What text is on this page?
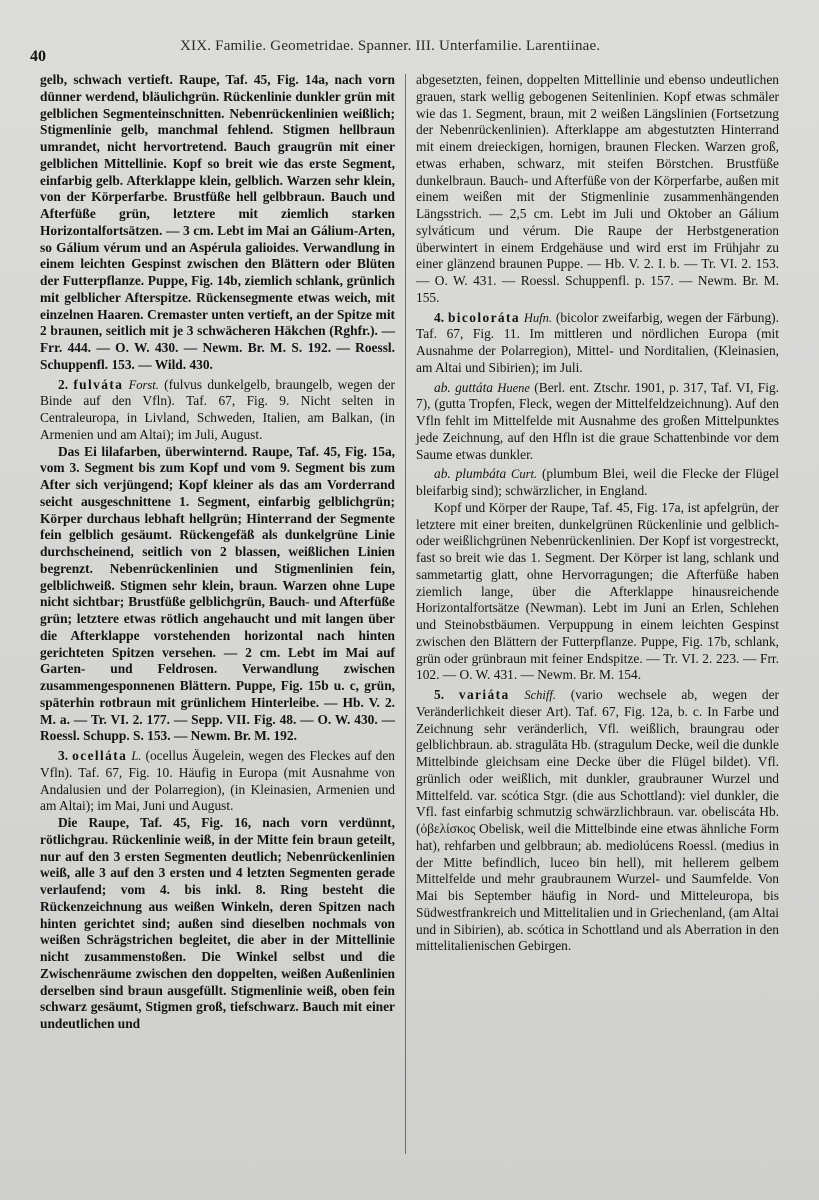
40
XIX. Familie. Geometridae. Spanner. III. Unterfamilie. Larentiinae.

gelb, schwach vertieft. Raupe, Taf. 45, Fig. 14a, nach vorn dünner werdend, bläulichgrün. Rückenlinie dunkler grün mit gelblichen Segmenteinschnitten. Nebenrückenlinien weißlich; Stigmenlinie gelb, manchmal fehlend. Stigmen hellbraun umrandet, nicht hervortretend. Bauch graugrün mit einer gelblichen Mittellinie. Kopf so breit wie das erste Segment, einfarbig gelb. Afterklappe klein, gelblich. Warzen sehr klein, von der Körperfarbe. Brustfüße hell gelbbraun. Bauch und Afterfüße grün, letztere mit ziemlich starken Horizontalfortsätzen. — 3 cm. Lebt im Mai an Gálium-Arten, so Gálium vérum und an Aspérula galioides. Verwandlung in einem leichten Gespinst zwischen den Blättern oder Blüten der Futterpflanze. Puppe, Fig. 14b, ziemlich schlank, grünlich mit gelblicher Afterspitze. Rückensegmente etwas weich, mit einzelnen Haaren. Cremaster unten vertieft, an der Spitze mit 2 braunen, seitlich mit je 3 schwächeren Häkchen (Rghfr.). — Frr. 444. — O. W. 430. — Newm. Br. M. S. 192. — Roessl. Schuppenfl. 153. — Wild. 430.

2. fulváta Forst. (fulvus dunkelgelb, braungelb, wegen der Binde auf den Vfln). Taf. 67, Fig. 9. Nicht selten in Centraleuropa, in Livland, Schweden, Italien, am Balkan, (in Armenien und am Altai); im Juli, August.

Das Ei lilafarben, überwinternd. Raupe, Taf. 45, Fig. 15a, vom 3. Segment bis zum Kopf und vom 9. Segment bis zum After sich verjüngend; Kopf kleiner als das am Vorderrand seicht ausgeschnittene 1. Segment, einfarbig gelblichgrün; Körper durchaus lebhaft hellgrün; Hinterrand der Segmente fein gelblich gesäumt. Rückengefäß als dunkelgrüne Linie durchscheinend, seitlich von 2 blassen, weißlichen Linien begrenzt. Nebenrückenlinien und Stigmenlinien fein, gelblichweiß. Stigmen sehr klein, braun. Warzen ohne Lupe nicht sichtbar; Brustfüße gelblichgrün, Bauch- und Afterfüße grün; letztere etwas rötlich angehaucht und mit langen über die Afterklappe vorstehenden horizontal nach hinten gerichteten Spitzen versehen. — 2 cm. Lebt im Mai auf Garten- und Feldrosen. Verwandlung zwischen zusammengesponnenen Blättern. Puppe, Fig. 15b u. c, grün, späterhin rotbraun mit grünlichem Hinterleibe. — Hb. V. 2. M. a. — Tr. VI. 2. 177. — Sepp. VII. Fig. 48. — O. W. 430. — Roessl. Schupp. S. 153. — Newm. Br. M. 192.

3. ocelláta L. (ocellus Äugelein, wegen des Fleckes auf den Vfln). Taf. 67, Fig. 10. Häufig in Europa (mit Ausnahme von Andalusien und der Polarregion), (in Kleinasien, Armenien und am Altai); im Mai, Juni und August.

Die Raupe, Taf. 45, Fig. 16, nach vorn verdünnt, rötlichgrau. Rückenlinie weiß, in der Mitte fein braun geteilt, nur auf den 3 ersten Segmenten deutlich; Nebenrückenlinien weiß, alle 3 auf den 3 ersten und 4 letzten Segmenten gerade verlaufend; vom 4. bis inkl. 8. Ring besteht die Rückenzeichnung aus weißen Winkeln, deren Spitzen nach hinten gerichtet sind; außen sind dieselben nochmals von weißen Schrägstrichen begleitet, die aber in der Mittellinie nicht zusammenstoßen. Die Winkel selbst und die Zwischenräume zwischen den doppelten, weißen Außenlinien derselben sind braun ausgefüllt. Stigmenlinie weiß, oben fein schwarz gesäumt, Stigmen groß, tiefschwarz. Bauch mit einer undeutlichen und

abgesetzten, feinen, doppelten Mittellinie und ebenso undeutlichen grauen, stark wellig gebogenen Seitenlinien. Kopf etwas schmäler wie das 1. Segment, braun, mit 2 weißen Längslinien (Fortsetzung der Nebenrückenlinien). Afterklappe am abgestutzten Hinterrand mit einem dreieckigen, hornigen, braunen Flecken. Warzen groß, etwas erhaben, schwarz, mit steifen Börstchen. Brustfüße dunkelbraun. Bauch- und Afterfüße von der Körperfarbe, außen mit einem weißen mit der Stigmenlinie zusammenhängenden Längsstrich. — 2,5 cm. Lebt im Juli und Oktober an Gálium sylváticum und vérum. Die Raupe der Herbstgeneration überwintert in einem Erdgehäuse und wird erst im Frühjahr zu einer glänzend braunen Puppe. — Hb. V. 2. I. b. — Tr. VI. 2. 153. — O. W. 431. — Roessl. Schuppenfl. p. 157. — Newm. Br. M. 155.

4. bicoloráta Hufn. (bicolor zweifarbig, wegen der Färbung). Taf. 67, Fig. 11. Im mittleren und nördlichen Europa (mit Ausnahme der Polarregion), Mittel- und Norditalien, (Kleinasien, am Altai und Sibirien); im Juli.

ab. guttáta Huene (Berl. ent. Ztschr. 1901, p. 317, Taf. VI, Fig. 7), (gutta Tropfen, Fleck, wegen der Mittelfeldzeichnung). Auf den Vfln fehlt im Mittelfelde mit Ausnahme des großen Mittelpunktes jede Zeichnung, auf den Hfln ist die graue Schattenbinde vor dem Saume etwas dunkler.

ab. plumbáta Curt. (plumbum Blei, weil die Flecke der Flügel bleifarbig sind); schwärzlicher, in England.

Kopf und Körper der Raupe, Taf. 45, Fig. 17a, ist apfelgrün, der letztere mit einer breiten, dunkelgrünen Rückenlinie und gelblich- oder weißlichgrünen Nebenrückenlinien. Der Kopf ist vorgestreckt, fast so breit wie das 1. Segment. Der Körper ist lang, schlank und sammetartig glatt, ohne Hervorragungen; die Afterfüße haben ziemlich lange, über die Afterklappe hinausreichende Horizontalfortsätze (Newman). Lebt im Juni an Erlen, Schlehen und Steinobstbäumen. Verpuppung in einem leichten Gespinst zwischen den Blättern der Futterpflanze. Puppe, Fig. 17b, schlank, grün oder grünbraun mit feiner Endspitze. — Tr. VI. 2. 223. — Frr. 102. — O. W. 431. — Newm. Br. M. 154.

5. variáta Schiff. (vario wechsele ab, wegen der Veränderlichkeit dieser Art). Taf. 67, Fig. 12a, b. c. In Farbe und Zeichnung sehr veränderlich, Vfl. weißlich, braungrau oder gelblichbraun. ab. stragulāta Hb. (stragulum Decke, weil die dunkle Mittelbinde gleichsam eine Decke über die Flügel bildet). Vfl. grünlich oder weißlich, mit dunkler, graubrauner Wurzel und Mittelfeld. var. scótica Stgr. (die aus Schottland): viel dunkler, die Vfl. fast einfarbig schmutzig schwärzlichbraun. var. obeliscáta Hb. (ὀβελίσκος Obelisk, weil die Mittelbinde eine etwas ähnliche Form hat), rehfarben und gelbbraun; ab. mediolúcens Roessl. (medius in der Mitte befindlich, luceo bin hell), mit hellerem gelbem Mittelfelde und mehr graubraunem Wurzel- und Saumfelde. Von Mai bis September häufig in Nord- und Mitteleuropa, bis Südwestfrankreich und Mittelitalien und in Griechenland, (am Altai und in Sibirien), ab. scótica in Schottland und als Aberration in den mittelitalienischen Gebirgen.
